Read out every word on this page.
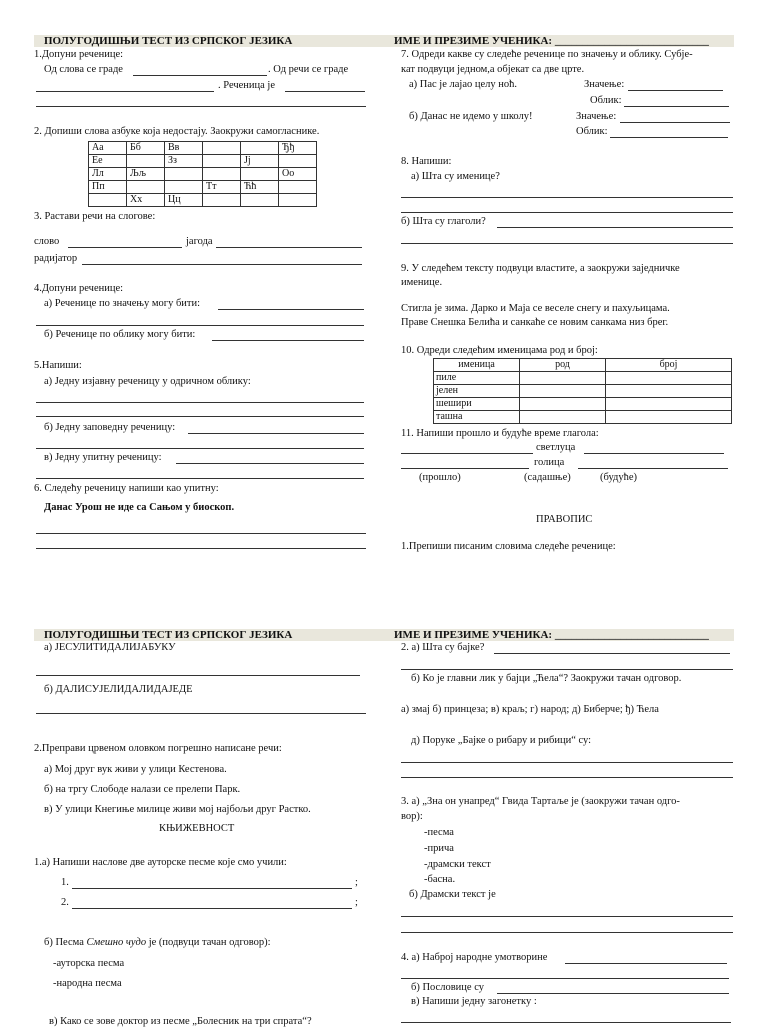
ПОЛУГОДИШЊИ ТЕСТ ИЗ СРПСКОГ ЈЕЗИКА	ИМЕ И ПРЕЗИМЕ УЧЕНИКА: ____________________________
1.Допуни реченице:
Од слова се граде	. Од речи се граде
. Реченица је
2. Допиши слова азбуке која недостају. Заокружи самогласнике.
Аа	Бб	Вв			Ђђ
Ее		Зз		Јј	
Лл	Љљ				Оо
Пп			Тт	Ћћ	
	Хх	Цц			
3. Растави речи на слогове:
слово	јагода
радијатор
4.Допуни реченице:
а) Реченице по значењу могу бити:
б) Реченице по облику могу бити:
5.Напиши:
а) Једну изјавну реченицу у одричном облику:
б) Једну заповедну реченицу:
в) Једну упитну реченицу:
6. Следећу реченицу напиши као упитну:
Данас Урош не иде са Сањом у биоскоп.
7. Одреди какве су следеће реченице по значењу и облику. Субје-
кат подвуци једном,а објекат са две црте.
а) Пас је лајао целу ноћ.	Значење:
Облик:
б) Данас не идемо у школу!	Значење:
Облик:
8. Напиши:
а) Шта су именице?
б) Шта су глаголи?
9. У следећем тексту подвуци властите, а заокружи заједничке
именице.
Стигла је зима. Дарко и Маја се веселе снегу и пахуљицама.
Праве Снешка Белића и санкаће се новим санкама низ брег.
10. Одреди следећим именицама род и број:
именица	род	број
пиле		
јелен		
шешири		
ташна		
11. Напиши прошло и будуће време глагола:
светлуца
голица
(прошло)	(садашње)	(будуће)
ПРАВОПИС
1.Препиши писаним словима следеће реченице:
ПОЛУГОДИШЊИ ТЕСТ ИЗ СРПСКОГ ЈЕЗИКА	ИМЕ И ПРЕЗИМЕ УЧЕНИКА: ____________________________
а) ЈЕСУЛИТИДАЛИЈАБУКУ
б) ДАЛИСУЈЕЛИДАЛИДАЈЕДЕ
2.Преправи црвеном оловком погрешно написане речи:
а) Мој друг вук живи у улици Кестенова.
б) на тргу Слободе налази се прелепи Парк.
в) У улици Кнегиње милице живи мој најбољи друг Растко.
КЊИЖЕВНОСТ
1.а) Напиши наслове две ауторске песме које смо учили:
1.	;
2.	;
б) Песма Смешно чудо је (подвуци тачан одговор):
-ауторска песма
-народна песма
в) Како се зове доктор из песме „Болесник на три спрата“?
2. а) Шта су бајке?
б) Ко је главни лик у бајци „Ћела“? Заокружи тачан одговор.
а) змај б) принцеза; в) краљ; г) народ; д) Биберче; ђ) Ћела
д) Поруке „Бајке о рибару и рибици“ су:
3. а) „Зна он унапред“ Гвида Тартаље је (заокружи тачан одго-
вор):
-песма
-прича
-драмски текст
-басна.
б) Драмски текст је
4. а) Наброј народне умотворине
б) Пословице су
в) Напиши једну загонетку :
